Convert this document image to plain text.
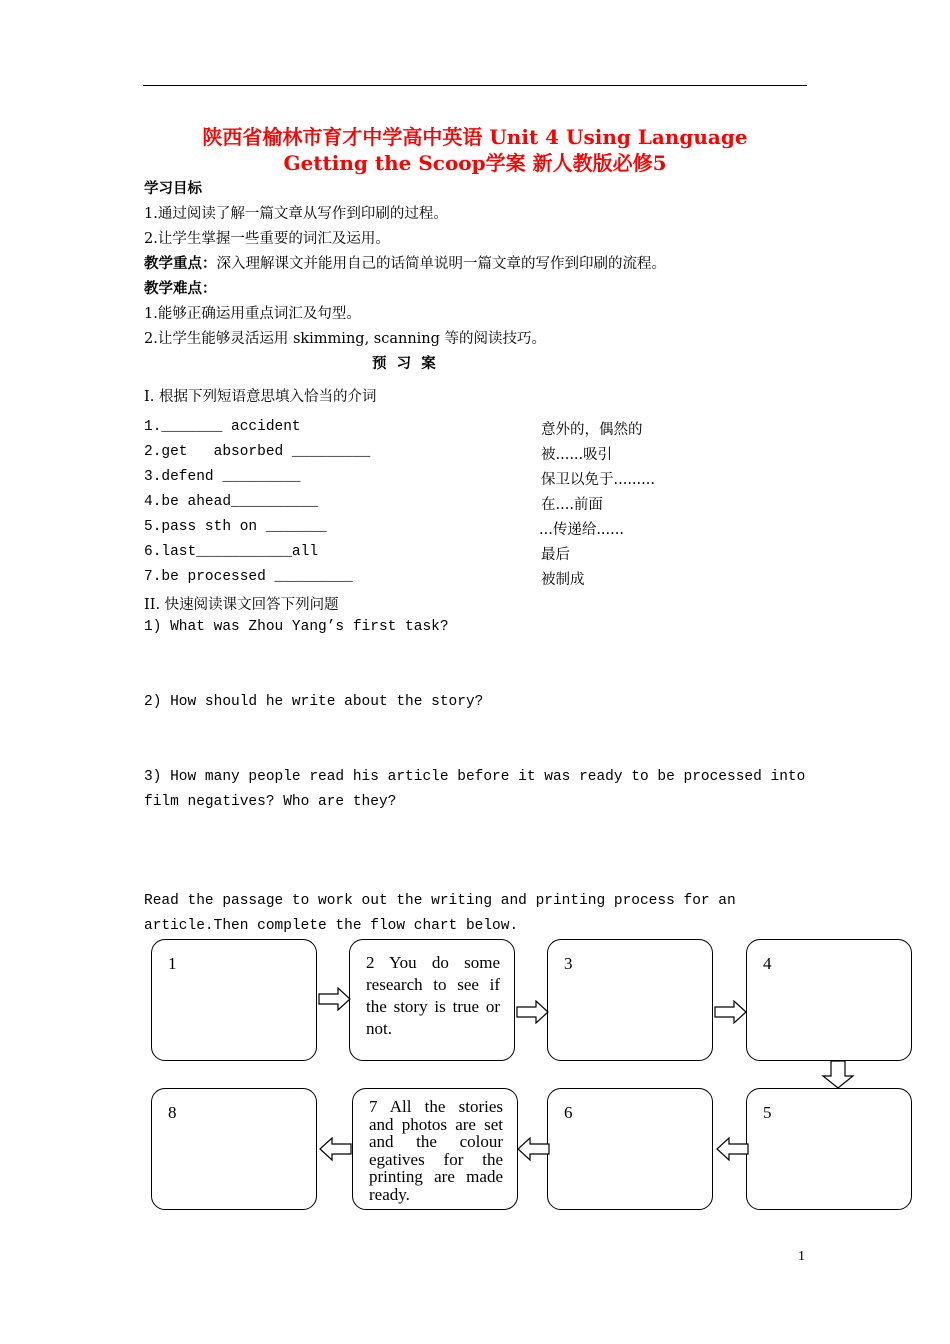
陕西省榆林市育才中学高中英语 Unit 4 Using Language
Getting the Scoop学案 新人教版必修5
学习目标
1.通过阅读了解一篇文章从写作到印刷的过程。
2.让学生掌握一些重要的词汇及运用。
教学重点：深入理解课文并能用自己的话简单说明一篇文章的写作到印刷的流程。
教学难点：
1.能够正确运用重点词汇及句型。
2.让学生能够灵活运用 skimming, scanning 等的阅读技巧。
预  习  案
I. 根据下列短语意思填入恰当的介词
1._______ accident	意外的，偶然的
2.get   absorbed _________	被......吸引
3.defend _________	保卫以免于.........
4.be ahead__________	在....前面
5.pass sth on _______	...传递给......
6.last___________all	最后
7.be processed _________	被制成
II. 快速阅读课文回答下列问题
1) What was Zhou Yang’s first task?
2) How should he write about the story?
3) How many people read his article before it was ready to be processed into
film negatives? Who are they?
Read the passage to work out the writing and printing process for an
article.Then complete the flow chart below.
1	2 You do some research to see if the story is true or not.
3	4
8	7 All the stories and photos are set and the colour egatives for the printing are made ready.
6	5
1
